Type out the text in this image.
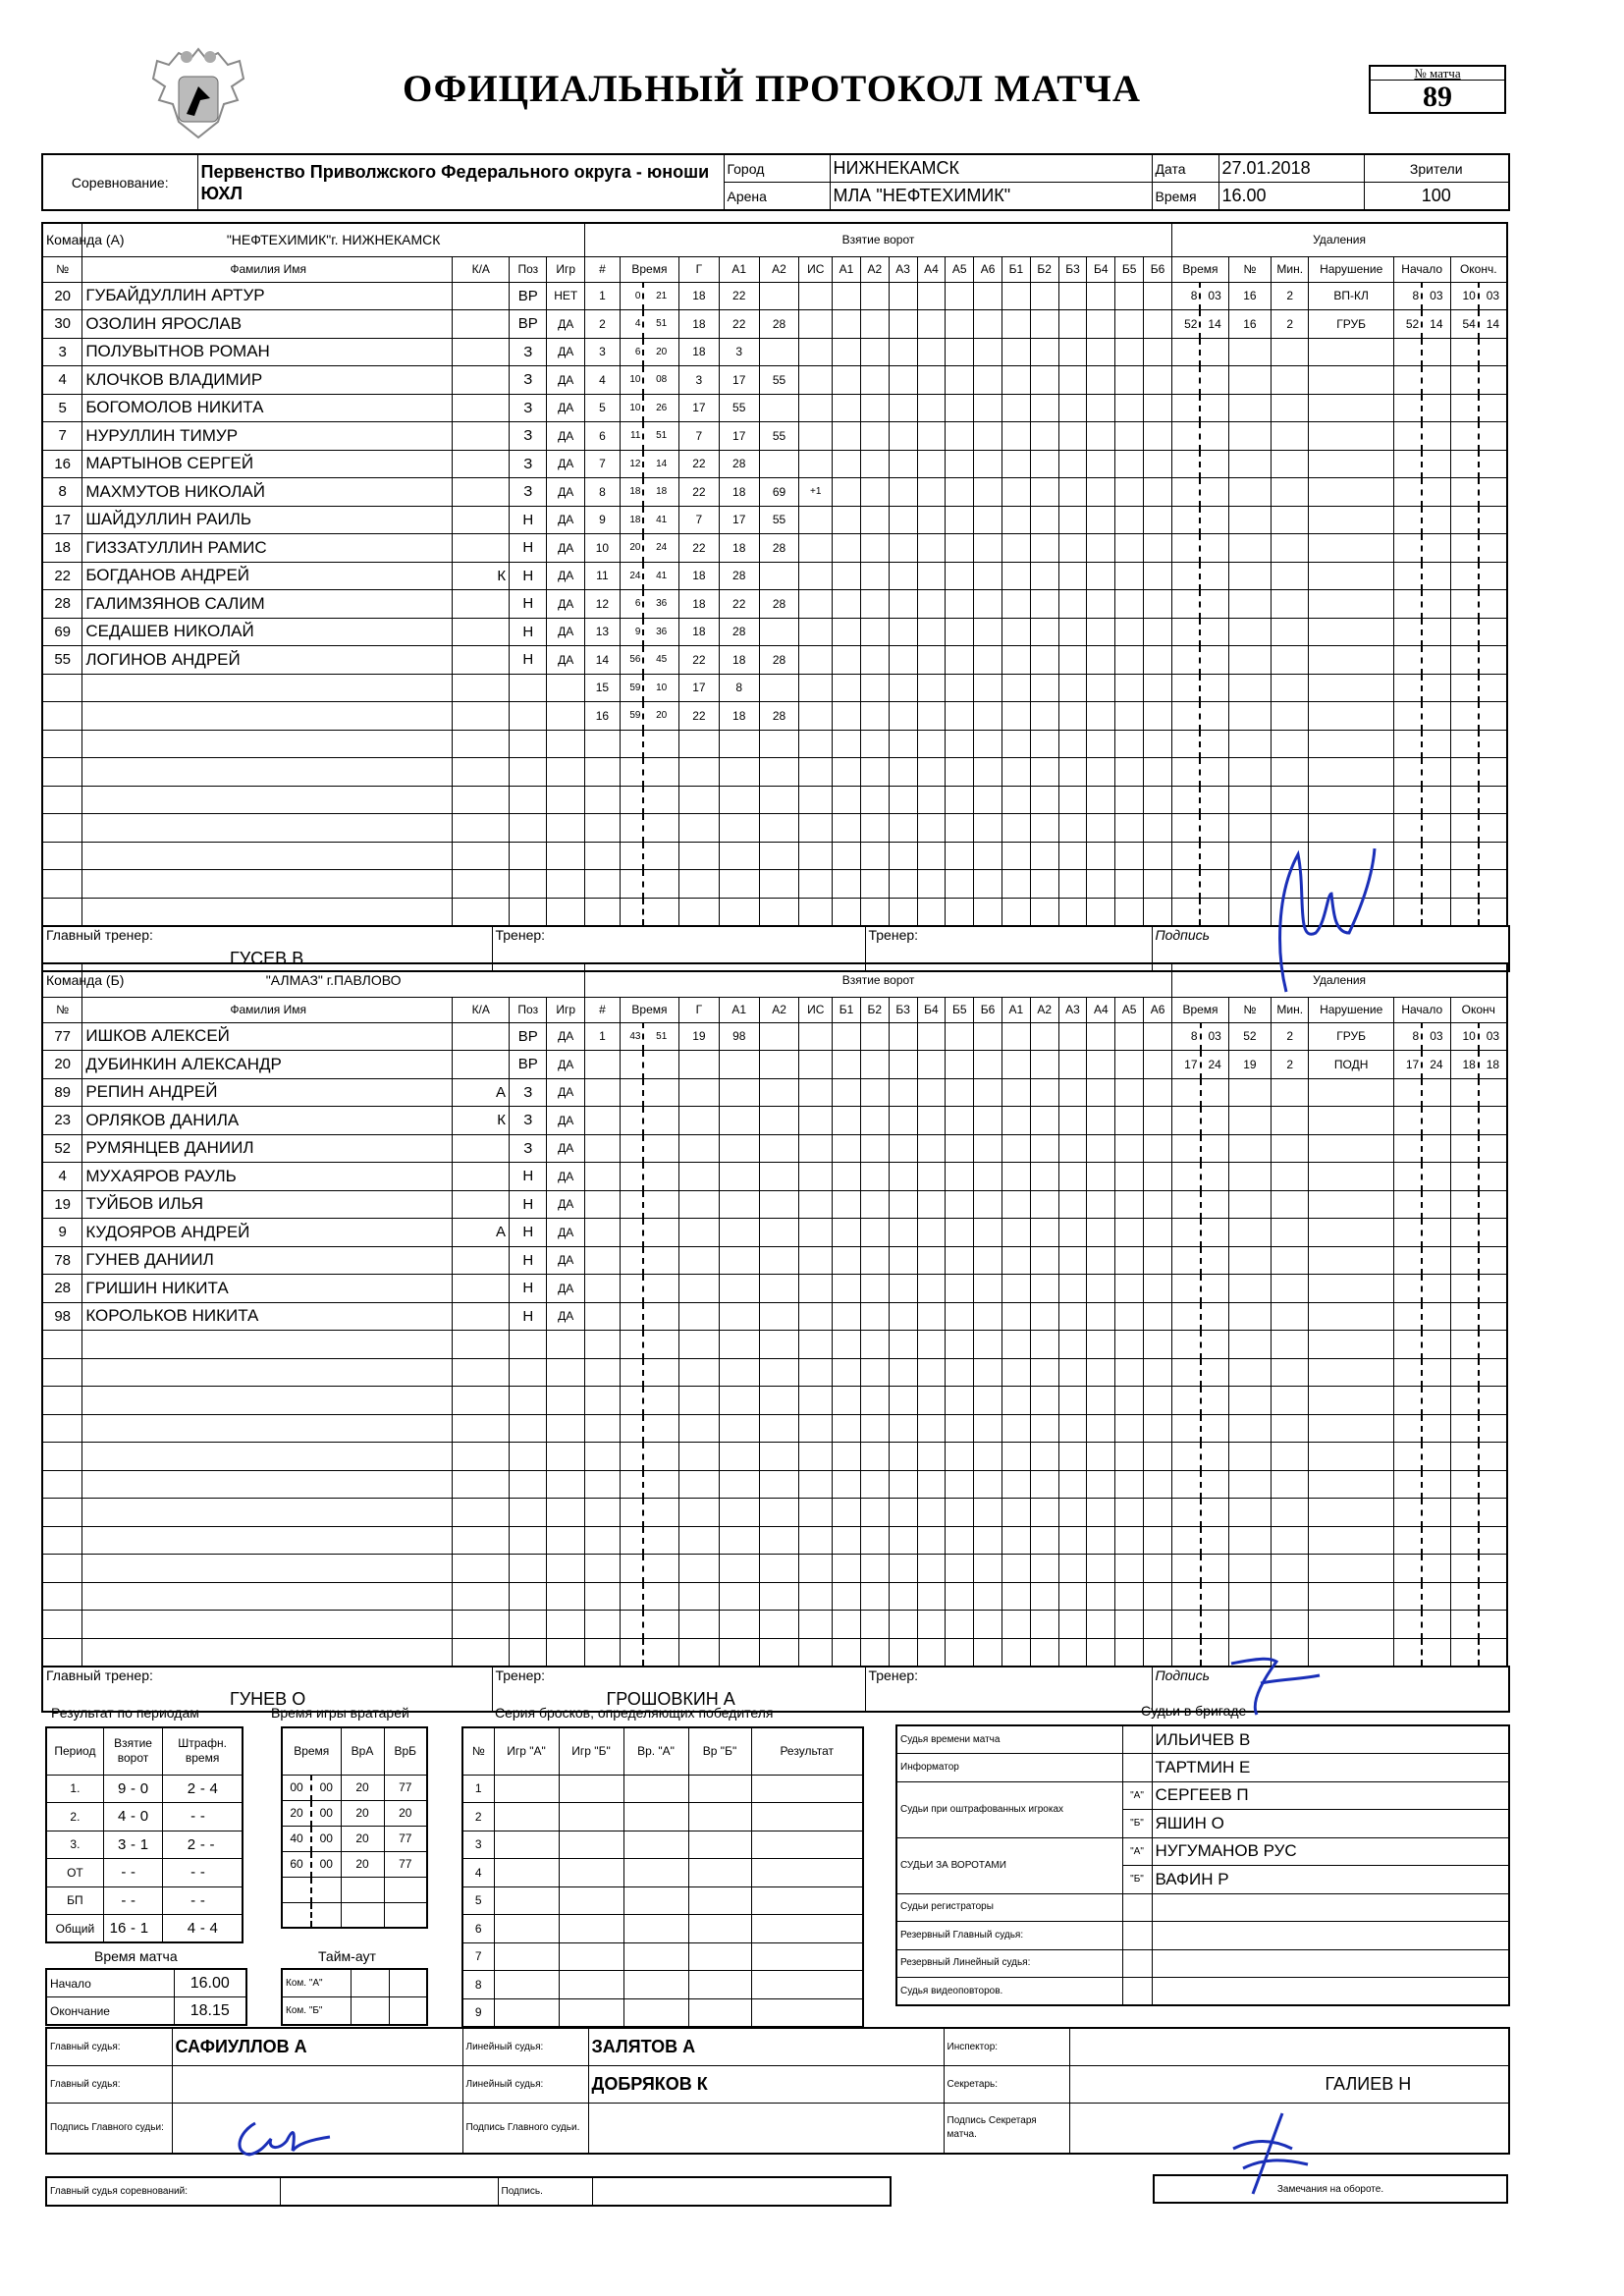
ОФИЦИАЛЬНЫЙ ПРОТОКОЛ МАТЧА	№ матча
89
Соревнование:	Первенство Приволжского Федерального округа - юноши ЮХЛ	Город	НИЖНЕКАМСК	Дата	27.01.2018	Зрители
		Арена	МЛА "НЕФТЕХИМИК"	Время	16.00	100
Команда (А)	"НЕФТЕХИМИК"г. НИЖНЕКАМСК				Взятие ворот																			Удаления								
№	Фамилия Имя	К/А	Поз	Игр	#	Время		Г	А1	А2	ИС	А1	А2	А3	А4	А5	А6	Б1	Б2	Б3	Б4	Б5	Б6	Время		№	Мин.	Нарушение	Начало		Оконч.	
20	ГУБАЙДУЛЛИН АРТУР		ВР	НЕТ	1	0	21	18	22															8	03	16	2	ВП-КЛ	8	03	10	03
30	ОЗОЛИН ЯРОСЛАВ		ВР	ДА	2	4	51	18	22	28														52	14	16	2	ГРУБ	52	14	54	14
3	ПОЛУВЫТНОВ РОМАН		З	ДА	3	6	20	18	3																							
4	КЛОЧКОВ ВЛАДИМИР		З	ДА	4	10	08	3	17	55																						
5	БОГОМОЛОВ НИКИТА		З	ДА	5	10	26	17	55																							
7	НУРУЛЛИН ТИМУР		З	ДА	6	11	51	7	17	55																						
16	МАРТЫНОВ СЕРГЕЙ		З	ДА	7	12	14	22	28																							
8	МАХМУТОВ НИКОЛАЙ		З	ДА	8	18	18	22	18	69	+1																					
17	ШАЙДУЛЛИН РАИЛЬ		Н	ДА	9	18	41	7	17	55																						
18	ГИЗЗАТУЛЛИН РАМИС		Н	ДА	10	20	24	22	18	28																						
22	БОГДАНОВ АНДРЕЙ	К	Н	ДА	11	24	41	18	28																							
28	ГАЛИМЗЯНОВ САЛИМ		Н	ДА	12	6	36	18	22	28																						
69	СЕДАШЕВ НИКОЛАЙ		Н	ДА	13	9	36	18	28																							
55	ЛОГИНОВ АНДРЕЙ		Н	ДА	14	56	45	22	18	28																						
					15	59	10	17	8																							
					16	59	20	22	18	28																						

Главный тренер:
ГУСЕВ В

Тренер:	Тренер:	Подпись
Команда (Б)	"АЛМАЗ" г.ПАВЛОВО				Взятие ворот																			Удаления								
№	Фамилия Имя	К/А	Поз	Игр	#	Время		Г	А1	А2	ИС	Б1	Б2	Б3	Б4	Б5	Б6	А1	А2	А3	А4	А5	А6	Время		№	Мин.	Нарушение	Начало		Оконч	
77	ИШКОВ АЛЕКСЕЙ		ВР	ДА	1	43	51	19	98															8	03	52	2	ГРУБ	8	03	10	03
20	ДУБИНКИН АЛЕКСАНДР		ВР	ДА																				17	24	19	2	ПОДН	17	24	18	18
89	РЕПИН АНДРЕЙ	А	З	ДА																												
23	ОРЛЯКОВ ДАНИЛА	К	З	ДА																												
52	РУМЯНЦЕВ ДАНИИЛ		З	ДА																												
4	МУХАЯРОВ РАУЛЬ		Н	ДА																												
19	ТУЙБОВ ИЛЬЯ		Н	ДА																												
9	КУДОЯРОВ АНДРЕЙ	А	Н	ДА																												
78	ГУНЕВ ДАНИИЛ		Н	ДА																												
28	ГРИШИН НИКИТА		Н	ДА																												
98	КОРОЛЬКОВ НИКИТА		Н	ДА																												

Главный тренер:
ГУНЕВ О

Тренер:
ГРОШОВКИН А

Тренер:	Подпись
Результат по периодам	Время игры вратарей	Серия бросков, определяющих победителя	Судьи в бригаде
Период	Взятие ворот			Штрафн. время		
1.	9	-	0	2	-	4
2.	4	-	0	-	-	
3.	3	-	1	2	-	-
ОТ	-	-		-	-	
БП	-	-		-	-	
Общий	16	-	1	4	-	4
Время		ВрА	ВрБ
00	00	20	77
20	00	20	20
40	00	20	77
60	00	20	77

№	Игр "А"	Игр "Б"	Вр. "А"	Вр "Б"	Результат
1					
2					
3					
4					
5					
6					
7					
8					
9					
Время матча
Начало	16.00
Окончание	18.15
Тайм-аут
Ком. "А"		
Ком. "Б"		
Судья времени матча		ИЛЬИЧЕВ В
Информатор		ТАРТМИН Е
Судьи при оштрафованных игроках	"А"	СЕРГЕЕВ П
	"Б"	ЯШИН О
СУДЬИ ЗА ВОРОТАМИ	"А"	НУГУМАНОВ РУС
	"Б"	ВАФИН Р
Судьи регистраторы		
Резервный Главный судья:		
Резервный Линейный судья:		
Судья видеоповторов.		
Главный судья:	САФИУЛЛОВ А	Линейный судья:	ЗАЛЯТОВ А	Инспектор:	
Главный судья:		Линейный судья:	ДОБРЯКОВ К	Секретарь:	ГАЛИЕВ Н
Подпись Главного судьи:		Подпись Главного судьи.		Подпись Секретаря матча.	
Главный судья соревнований:		Подпись.		Замечания на обороте.
